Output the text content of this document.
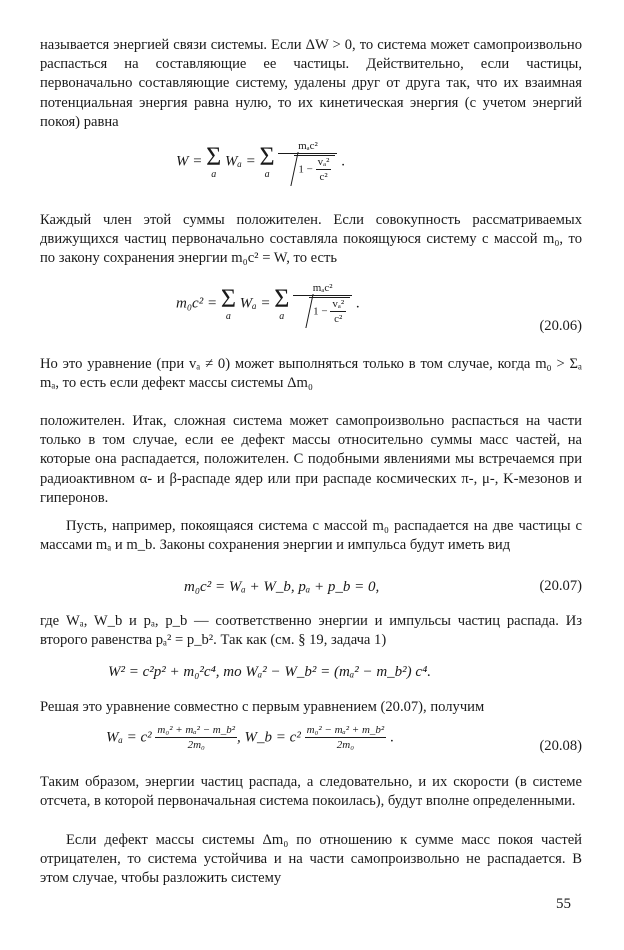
называется энергией связи системы. Если ΔW > 0, то система может самопроизвольно распасться на составляющие ее частицы. Действительно, если частицы, первоначально составляющие систему, удалены друг от друга так, что их взаимная потенциальная энергия равна нулю, то их кинетическая энергия (с учетом энергий покоя) равна

W = Σ
a
Wₐ = Σ
a
$\frac{\text{mₐc²}}{1 - \frac{\text{vₐ²}}{\text{c²}}}$ .

Каждый член этой суммы положителен. Если совокупность рассматриваемых движущихся частиц первоначально составляла покоящуюся систему с массой m₀, то по закону сохранения энергии m₀c² = W, то есть

m₀c² = Σ
a
Wₐ = Σ
a
$\frac{\text{mₐc²}}{1 - \frac{\text{vₐ²}}{\text{c²}}}$ .
(20.06)

Но это уравнение (при vₐ ≠ 0) может выполняться только в том случае, когда m₀ > Σₐ mₐ, то есть если дефект массы системы Δm₀

положителен. Итак, сложная система может самопроизвольно распасться на части только в том случае, если ее дефект массы относительно суммы масс частей, на которые она распадается, положителен. С подобными явлениями мы встречаемся при радиоактивном α- и β-распаде ядер или при распаде космических π-, μ-, K-мезонов и гиперонов.

Пусть, например, покоящаяся система с массой m₀ распадается на две частицы с массами mₐ и m_b. Законы сохранения энергии и импульса будут иметь вид

m₀c² = Wₐ + W_b, pₐ + p_b = 0,	(20.07)

где Wₐ, W_b и pₐ, p_b — соответственно энергии и импульсы частиц распада. Из второго равенства pₐ² = p_b². Так как (см. § 19, задача 1)

W² = c²p² + m₀²c⁴, то Wₐ² − W_b² = (mₐ² − m_b²) c⁴.

Решая это уравнение совместно с первым уравнением (20.07), получим

$W_a = c^2 \frac{\text{m₀² + mₐ² − m\_b²}}{\text{2m₀}}$ , W_b = $c^2 \frac{\text{m₀² − mₐ² + m\_b²}}{\text{2m₀}}$ .
(20.08)

Таким образом, энергии частиц распада, а следовательно, и их скорости (в системе отсчета, в которой первоначальная система покоилась), будут вполне определенными.

Если дефект массы системы Δm₀ по отношению к сумме масс покоя частей отрицателен, то система устойчива и на части самопроизвольно не распадается. В этом случае, чтобы разложить систему

55
